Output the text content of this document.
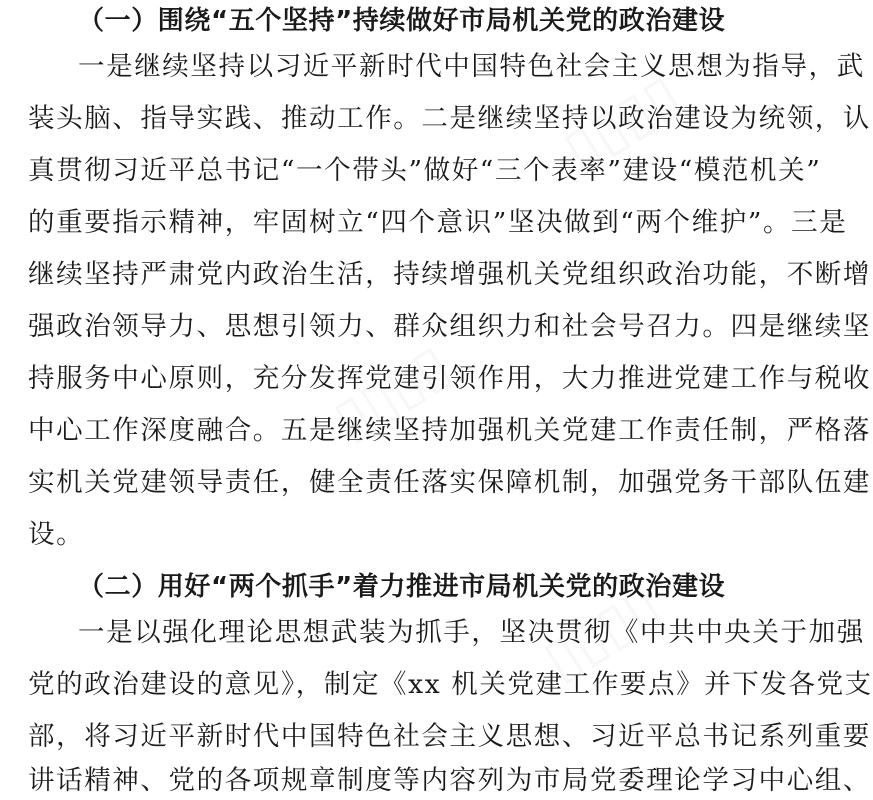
▯▯▯▯
▯▯▯▯
▯▯▯▯
（一）围绕“五个坚持”持续做好市局机关党的政治建设
一是继续坚持以习近平新时代中国特色社会主义思想为指导，武
装头脑、指导实践、推动工作。二是继续坚持以政治建设为统领，认
真贯彻习近平总书记“一个带头”做好“三个表率”建设“模范机关”
的重要指示精神，牢固树立“四个意识”坚决做到“两个维护”。三是
继续坚持严肃党内政治生活，持续增强机关党组织政治功能，不断增
强政治领导力、思想引领力、群众组织力和社会号召力。四是继续坚
持服务中心原则，充分发挥党建引领作用，大力推进党建工作与税收
中心工作深度融合。五是继续坚持加强机关党建工作责任制，严格落
实机关党建领导责任，健全责任落实保障机制，加强党务干部队伍建
设。
（二）用好“两个抓手”着力推进市局机关党的政治建设
一是以强化理论思想武装为抓手，坚决贯彻《中共中央关于加强
党的政治建设的意见》，制定《xx 机关党建工作要点》并下发各党支
部，将习近平新时代中国特色社会主义思想、习近平总书记系列重要
讲话精神、党的各项规章制度等内容列为市局党委理论学习中心组、
